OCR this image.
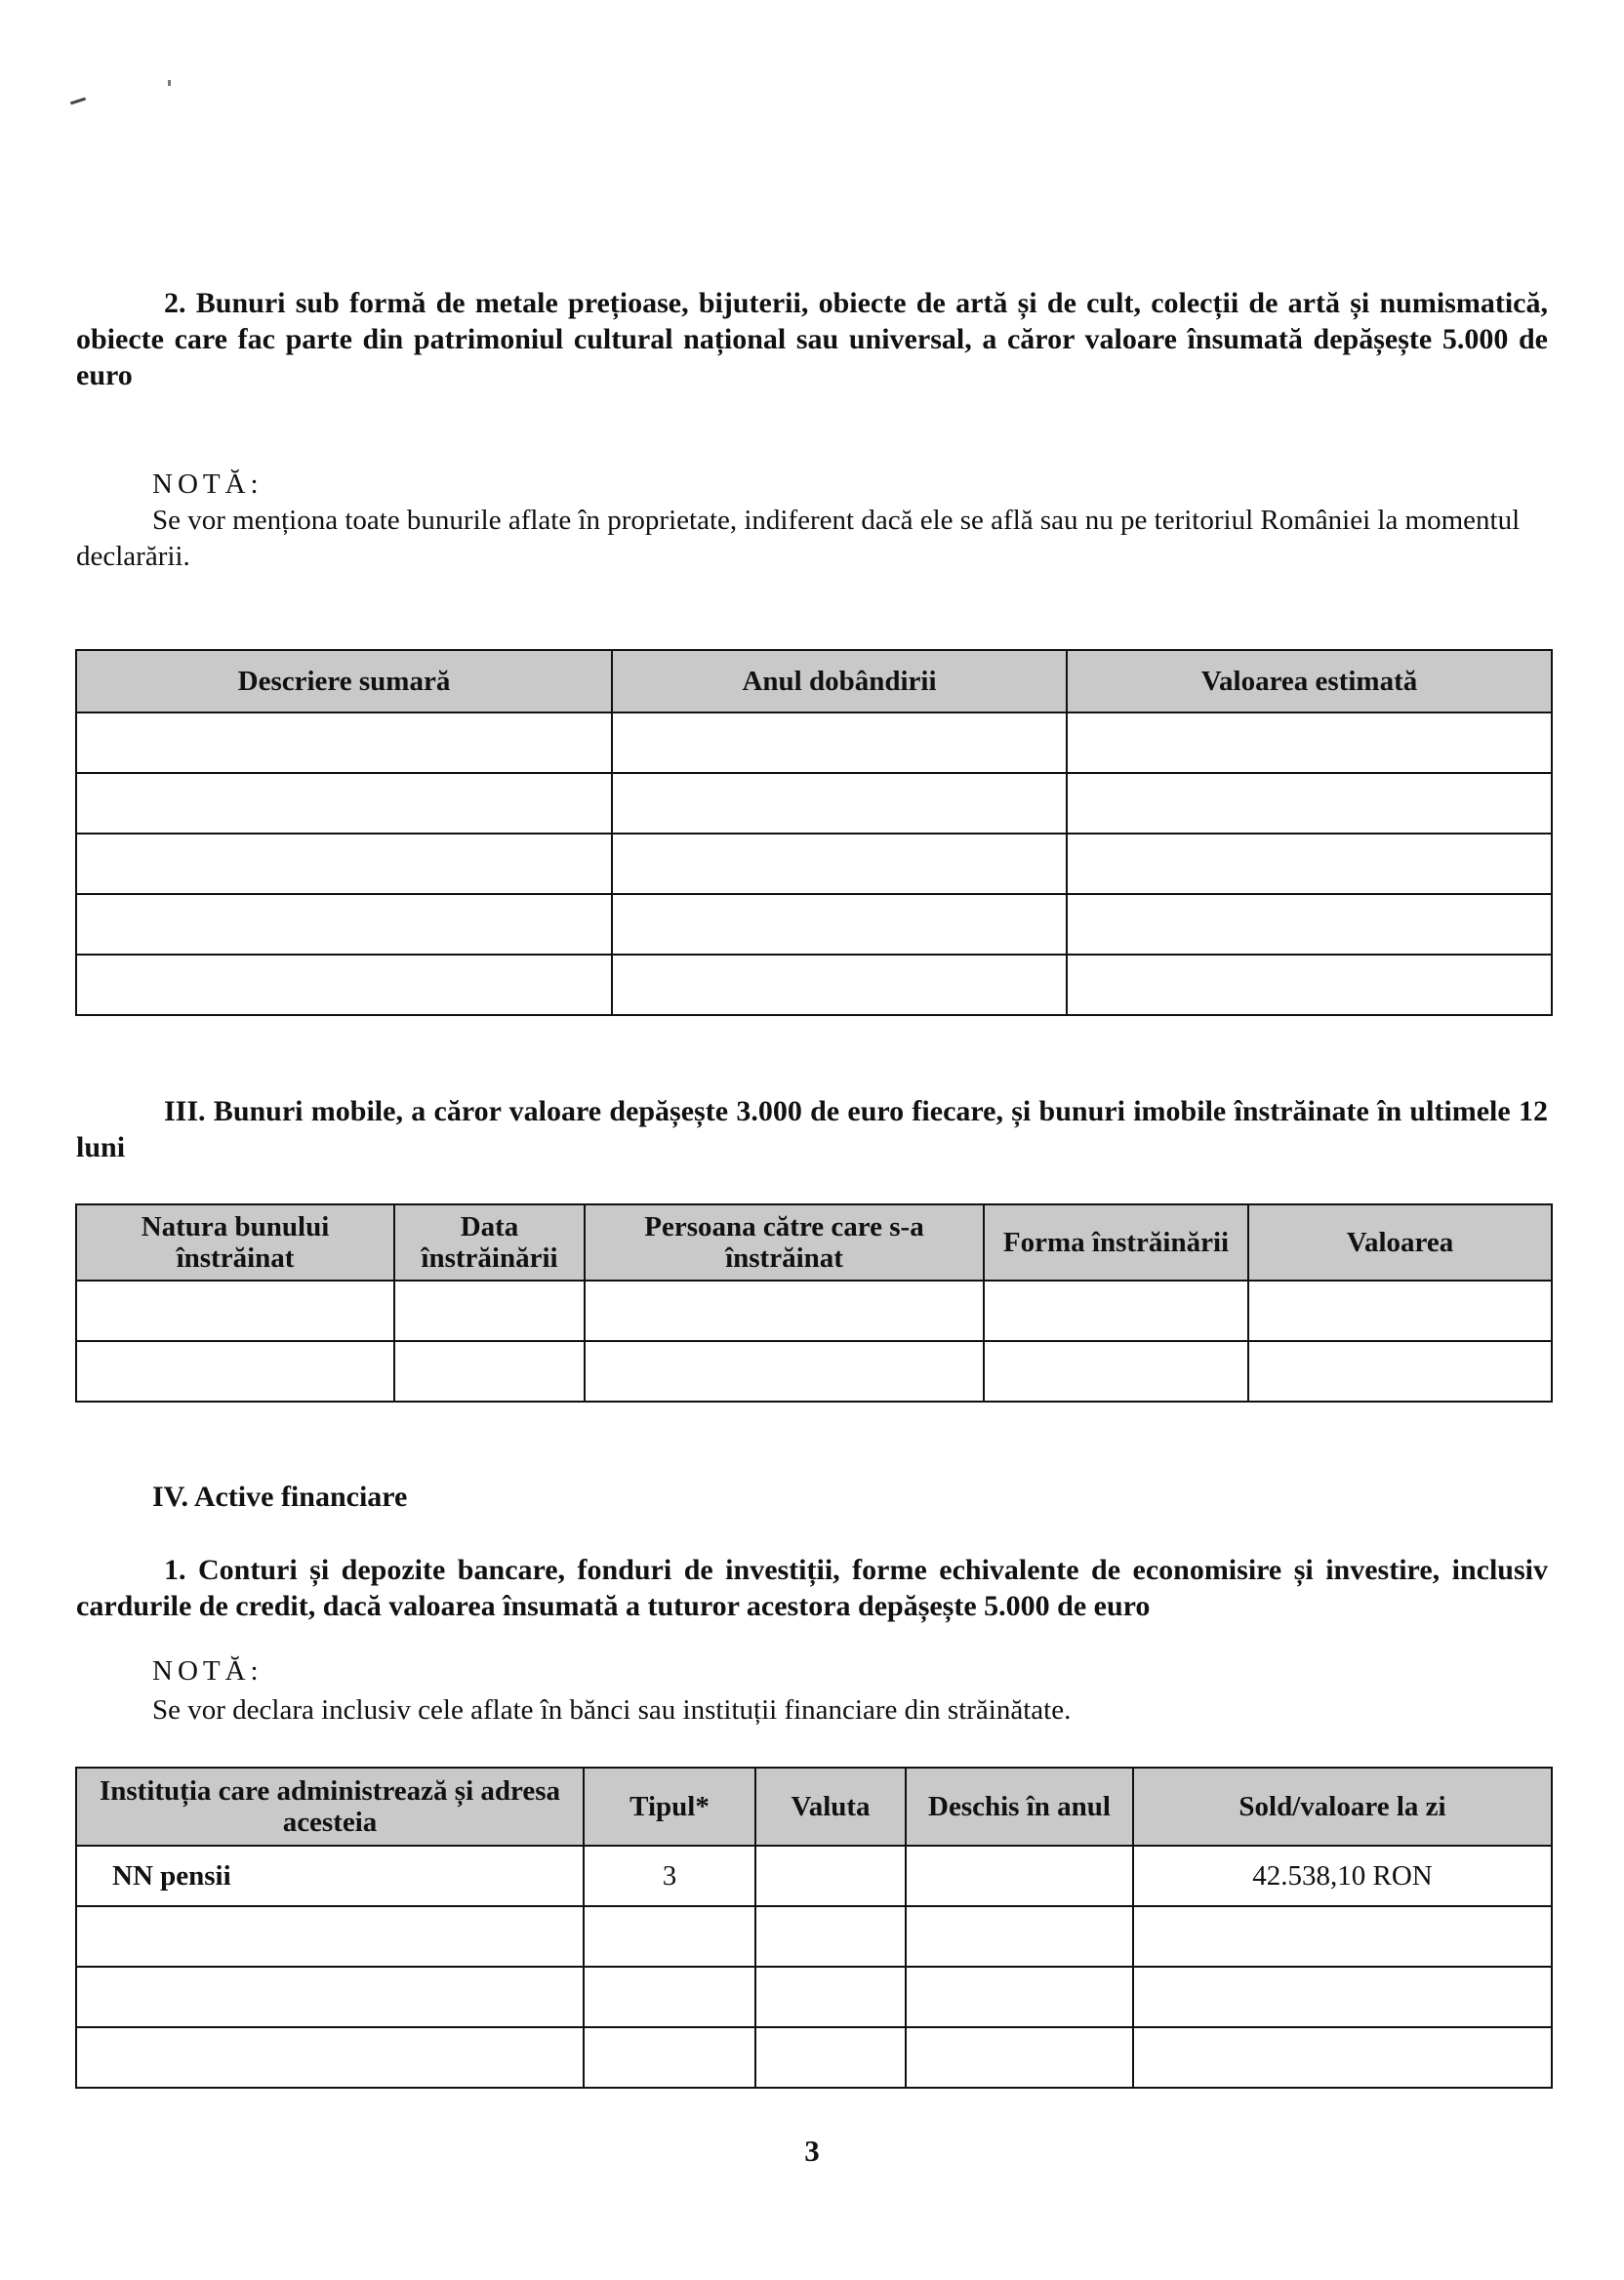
2. Bunuri sub formă de metale prețioase, bijuterii, obiecte de artă și de cult, colecții de artă și numismatică, obiecte care fac parte din patrimoniul cultural național sau universal, a căror valoare însumată depășește 5.000 de euro
NOTĂ:
Se vor menționa toate bunurile aflate în proprietate, indiferent dacă ele se află sau nu pe teritoriul României la momentul declarării.
Descriere sumară	Anul dobândirii	Valoarea estimată

III. Bunuri mobile, a căror valoare depășește 3.000 de euro fiecare, și bunuri imobile înstrăinate în ultimele 12 luni
Natura bunului înstrăinat	Data înstrăinării	Persoana către care s-a înstrăinat	Forma înstrăinării	Valoarea

IV. Active financiare
1. Conturi și depozite bancare, fonduri de investiții, forme echivalente de economisire și investire, inclusiv cardurile de credit, dacă valoarea însumată a tuturor acestora depășește 5.000 de euro
NOTĂ:
Se vor declara inclusiv cele aflate în bănci sau instituții financiare din străinătate.
Instituția care administrează și adresa acesteia	Tipul*	Valuta	Deschis în anul	Sold/valoare la zi
NN pensii	3			42.538,10 RON

3
